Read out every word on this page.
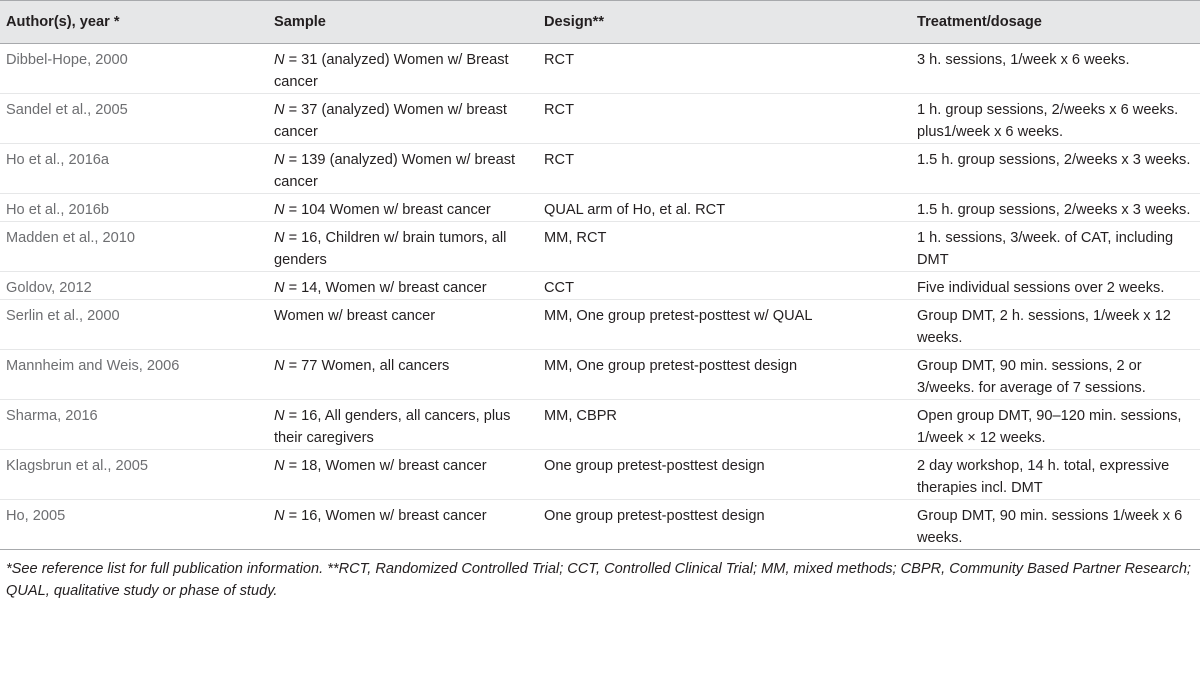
Author(s), year *	Sample	Design**	Treatment/dosage
Dibbel-Hope, 2000	N = 31 (analyzed) Women w/ Breast cancer	RCT	3 h. sessions, 1/week x 6 weeks.
Sandel et al., 2005	N = 37 (analyzed) Women w/ breast cancer	RCT	1 h. group sessions, 2/weeks x 6 weeks. plus1/week x 6 weeks.
Ho et al., 2016a	N = 139 (analyzed) Women w/ breast cancer	RCT	1.5 h. group sessions, 2/weeks x 3 weeks.
Ho et al., 2016b	N = 104 Women w/ breast cancer	QUAL arm of Ho, et al. RCT	1.5 h. group sessions, 2/weeks x 3 weeks.
Madden et al., 2010	N = 16, Children w/ brain tumors, all genders	MM, RCT	1 h. sessions, 3/week. of CAT, including DMT
Goldov, 2012	N = 14, Women w/ breast cancer	CCT	Five individual sessions over 2 weeks.
Serlin et al., 2000	Women w/ breast cancer	MM, One group pretest-posttest w/ QUAL	Group DMT, 2 h. sessions, 1/week x 12 weeks.
Mannheim and Weis, 2006	N = 77 Women, all cancers	MM, One group pretest-posttest design	Group DMT, 90 min. sessions, 2 or 3/weeks. for average of 7 sessions.
Sharma, 2016	N = 16, All genders, all cancers, plus their caregivers	MM, CBPR	Open group DMT, 90–120 min. sessions, 1/week × 12 weeks.
Klagsbrun et al., 2005	N = 18, Women w/ breast cancer	One group pretest-posttest design	2 day workshop, 14 h. total, expressive therapies incl. DMT
Ho, 2005	N = 16, Women w/ breast cancer	One group pretest-posttest design	Group DMT, 90 min. sessions 1/week x 6 weeks.
*See reference list for full publication information. **RCT, Randomized Controlled Trial; CCT, Controlled Clinical Trial; MM, mixed methods; CBPR, Community Based Partner Research; QUAL, qualitative study or phase of study.
